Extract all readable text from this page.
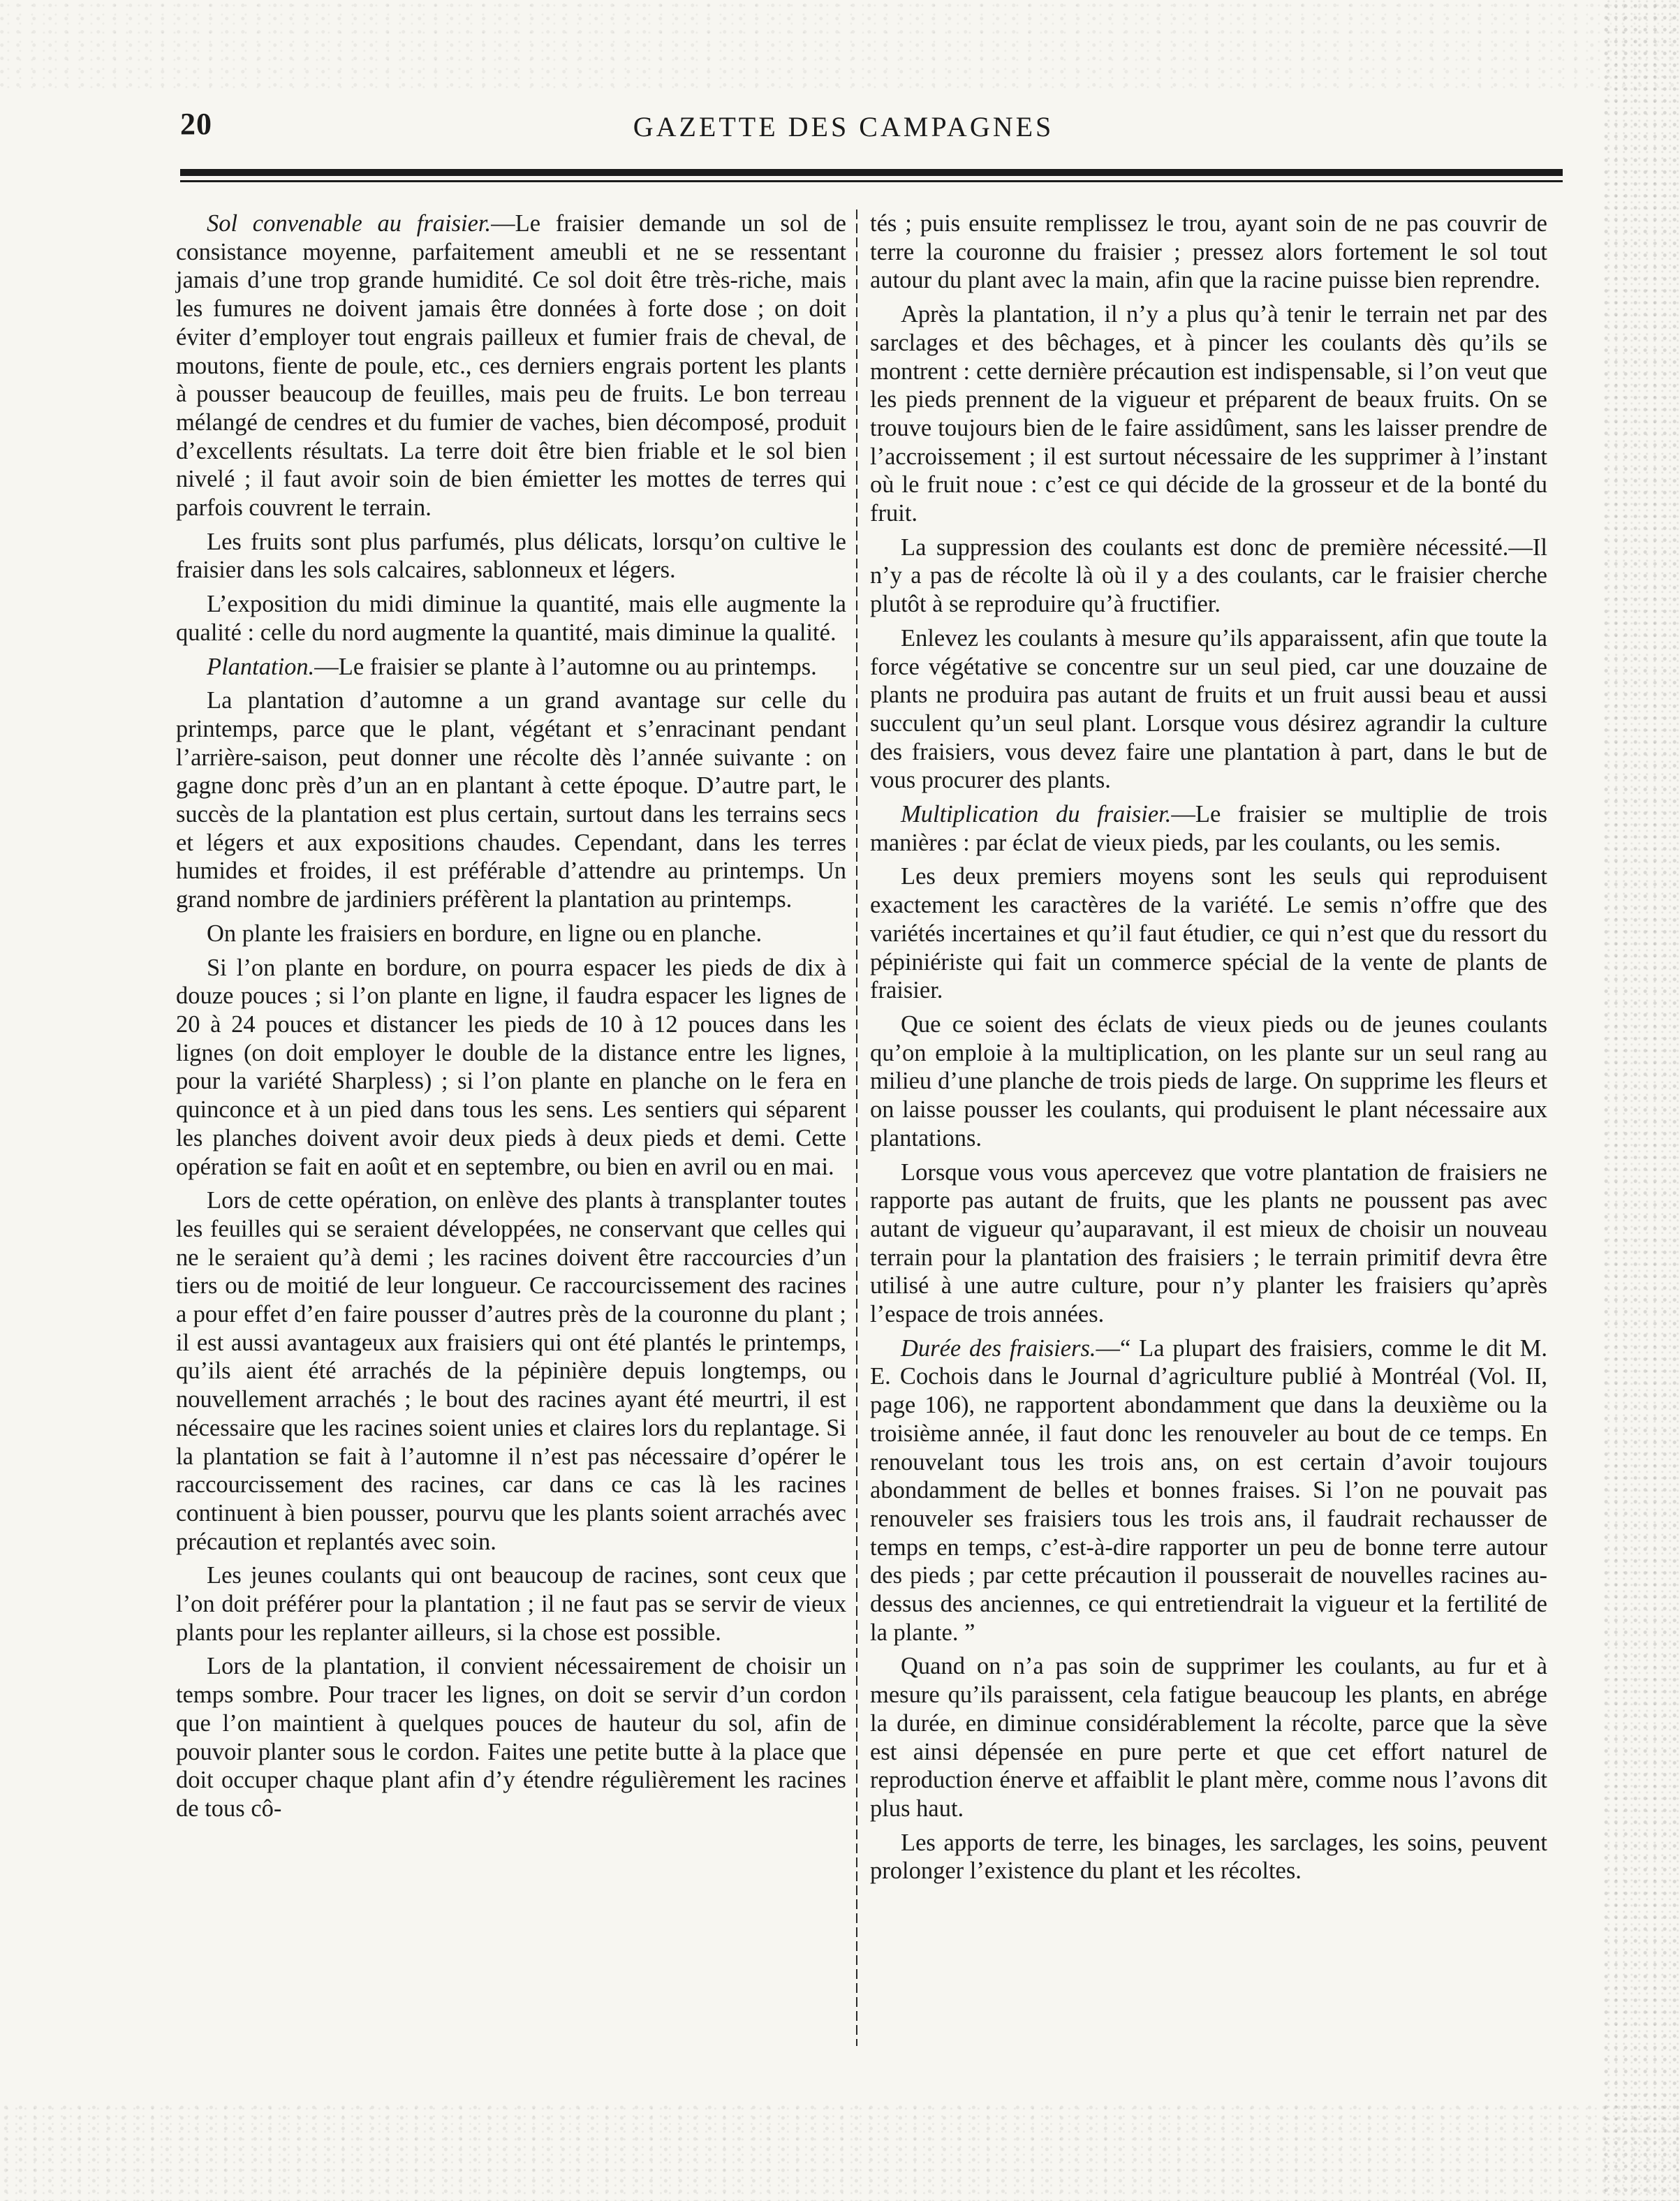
20	GAZETTE DES CAMPAGNES

Sol convenable au fraisier.—Le fraisier demande un sol de consistance moyenne, parfaitement ameubli et ne se ressentant jamais d’une trop grande humidité. Ce sol doit être très-riche, mais les fumures ne doivent jamais être données à forte dose ; on doit éviter d’employer tout engrais pailleux et fumier frais de cheval, de moutons, fiente de poule, etc., ces derniers engrais portent les plants à pousser beaucoup de feuilles, mais peu de fruits. Le bon terreau mélangé de cendres et du fumier de vaches, bien décomposé, produit d’excellents résultats. La terre doit être bien friable et le sol bien nivelé ; il faut avoir soin de bien émietter les mottes de terres qui parfois couvrent le terrain.

Les fruits sont plus parfumés, plus délicats, lorsqu’on cultive le fraisier dans les sols calcaires, sablonneux et légers.

L’exposition du midi diminue la quantité, mais elle augmente la qualité : celle du nord augmente la quantité, mais diminue la qualité.

Plantation.—Le fraisier se plante à l’automne ou au printemps.

La plantation d’automne a un grand avantage sur celle du printemps, parce que le plant, végétant et s’enracinant pendant l’arrière-saison, peut donner une récolte dès l’année suivante : on gagne donc près d’un an en plantant à cette époque. D’autre part, le succès de la plantation est plus certain, surtout dans les terrains secs et légers et aux expositions chaudes. Cependant, dans les terres humides et froides, il est préférable d’attendre au printemps. Un grand nombre de jardiniers préfèrent la plantation au printemps.

On plante les fraisiers en bordure, en ligne ou en planche.

Si l’on plante en bordure, on pourra espacer les pieds de dix à douze pouces ; si l’on plante en ligne, il faudra espacer les lignes de 20 à 24 pouces et distancer les pieds de 10 à 12 pouces dans les lignes (on doit employer le double de la distance entre les lignes, pour la variété Sharpless) ; si l’on plante en planche on le fera en quinconce et à un pied dans tous les sens. Les sentiers qui séparent les planches doivent avoir deux pieds à deux pieds et demi. Cette opération se fait en août et en septembre, ou bien en avril ou en mai.

Lors de cette opération, on enlève des plants à transplanter toutes les feuilles qui se seraient développées, ne conservant que celles qui ne le seraient qu’à demi ; les racines doivent être raccourcies d’un tiers ou de moitié de leur longueur. Ce raccourcissement des racines a pour effet d’en faire pousser d’autres près de la couronne du plant ; il est aussi avantageux aux fraisiers qui ont été plantés le printemps, qu’ils aient été arrachés de la pépinière depuis longtemps, ou nouvellement arrachés ; le bout des racines ayant été meurtri, il est nécessaire que les racines soient unies et claires lors du replantage. Si la plantation se fait à l’automne il n’est pas nécessaire d’opérer le raccourcissement des racines, car dans ce cas là les racines continuent à bien pousser, pourvu que les plants soient arrachés avec précaution et replantés avec soin.

Les jeunes coulants qui ont beaucoup de racines, sont ceux que l’on doit préférer pour la plantation ; il ne faut pas se servir de vieux plants pour les replanter ailleurs, si la chose est possible.

Lors de la plantation, il convient nécessairement de choisir un temps sombre. Pour tracer les lignes, on doit se servir d’un cordon que l’on maintient à quelques pouces de hauteur du sol, afin de pouvoir planter sous le cordon. Faites une petite butte à la place que doit occuper chaque plant afin d’y étendre régulièrement les racines de tous cô-

tés ; puis ensuite remplissez le trou, ayant soin de ne pas couvrir de terre la couronne du fraisier ; pressez alors fortement le sol tout autour du plant avec la main, afin que la racine puisse bien reprendre.

Après la plantation, il n’y a plus qu’à tenir le terrain net par des sarclages et des bêchages, et à pincer les coulants dès qu’ils se montrent : cette dernière précaution est indispensable, si l’on veut que les pieds prennent de la vigueur et préparent de beaux fruits. On se trouve toujours bien de le faire assidûment, sans les laisser prendre de l’accroissement ; il est surtout nécessaire de les supprimer à l’instant où le fruit noue : c’est ce qui décide de la grosseur et de la bonté du fruit.

La suppression des coulants est donc de première nécessité.—Il n’y a pas de récolte là où il y a des coulants, car le fraisier cherche plutôt à se reproduire qu’à fructifier.

Enlevez les coulants à mesure qu’ils apparaissent, afin que toute la force végétative se concentre sur un seul pied, car une douzaine de plants ne produira pas autant de fruits et un fruit aussi beau et aussi succulent qu’un seul plant. Lorsque vous désirez agrandir la culture des fraisiers, vous devez faire une plantation à part, dans le but de vous procurer des plants.

Multiplication du fraisier.—Le fraisier se multiplie de trois manières : par éclat de vieux pieds, par les coulants, ou les semis.

Les deux premiers moyens sont les seuls qui reproduisent exactement les caractères de la variété. Le semis n’offre que des variétés incertaines et qu’il faut étudier, ce qui n’est que du ressort du pépiniériste qui fait un commerce spécial de la vente de plants de fraisier.

Que ce soient des éclats de vieux pieds ou de jeunes coulants qu’on emploie à la multiplication, on les plante sur un seul rang au milieu d’une planche de trois pieds de large. On supprime les fleurs et on laisse pousser les coulants, qui produisent le plant nécessaire aux plantations.

Lorsque vous vous apercevez que votre plantation de fraisiers ne rapporte pas autant de fruits, que les plants ne poussent pas avec autant de vigueur qu’auparavant, il est mieux de choisir un nouveau terrain pour la plantation des fraisiers ; le terrain primitif devra être utilisé à une autre culture, pour n’y planter les fraisiers qu’après l’espace de trois années.

Durée des fraisiers.—“ La plupart des fraisiers, comme le dit M. E. Cochois dans le Journal d’agriculture publié à Montréal (Vol. II, page 106), ne rapportent abondamment que dans la deuxième ou la troisième année, il faut donc les renouveler au bout de ce temps. En renouvelant tous les trois ans, on est certain d’avoir toujours abondamment de belles et bonnes fraises. Si l’on ne pouvait pas renouveler ses fraisiers tous les trois ans, il faudrait rechausser de temps en temps, c’est-à-dire rapporter un peu de bonne terre autour des pieds ; par cette précaution il pousserait de nouvelles racines au-dessus des anciennes, ce qui entretiendrait la vigueur et la fertilité de la plante. ”

Quand on n’a pas soin de supprimer les coulants, au fur et à mesure qu’ils paraissent, cela fatigue beaucoup les plants, en abrége la durée, en diminue considérablement la récolte, parce que la sève est ainsi dépensée en pure perte et que cet effort naturel de reproduction énerve et affaiblit le plant mère, comme nous l’avons dit plus haut.

Les apports de terre, les binages, les sarclages, les soins, peuvent prolonger l’existence du plant et les récoltes.
